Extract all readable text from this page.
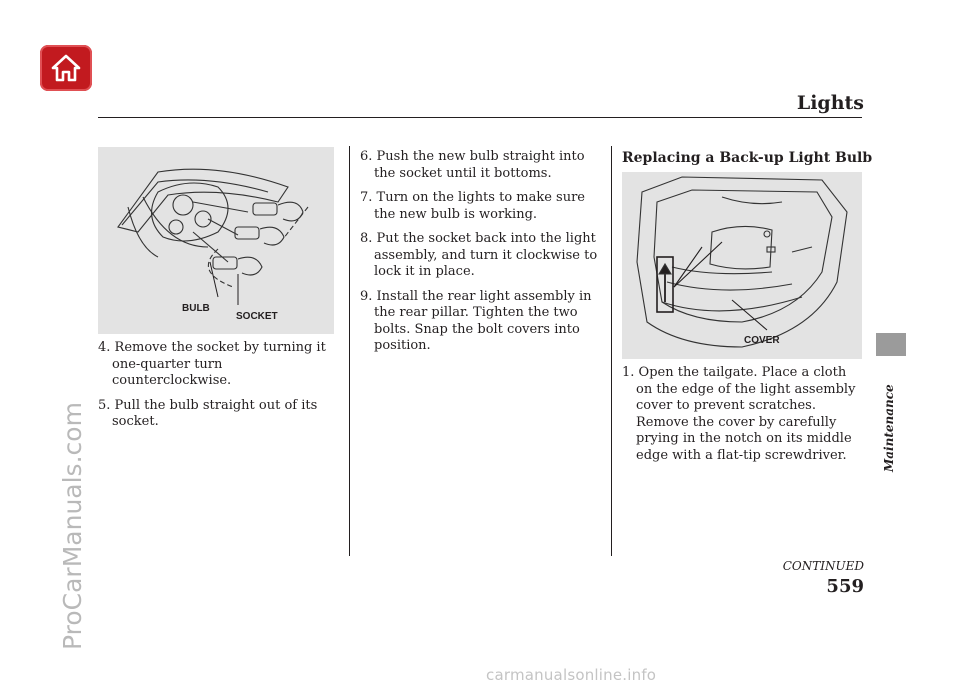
ProCarManuals.com
carmanualsonline.info
Lights
Maintenance
BULB
SOCKET

4. Remove the socket by turning it one-quarter turn counterclockwise.

5. Pull the bulb straight out of its socket.

6. Push the new bulb straight into the socket until it bottoms.

7. Turn on the lights to make sure the new bulb is working.

8. Put the socket back into the light assembly, and turn it clockwise to lock it in place.

9. Install the rear light assembly in the rear pillar. Tighten the two bolts. Snap the bolt covers into position.

Replacing a Back-up Light Bulb
COVER

1. Open the tailgate. Place a cloth on the edge of the light assembly cover to prevent scratches. Remove the cover by carefully prying in the notch on its middle edge with a flat-tip screwdriver.

CONTINUED
559
